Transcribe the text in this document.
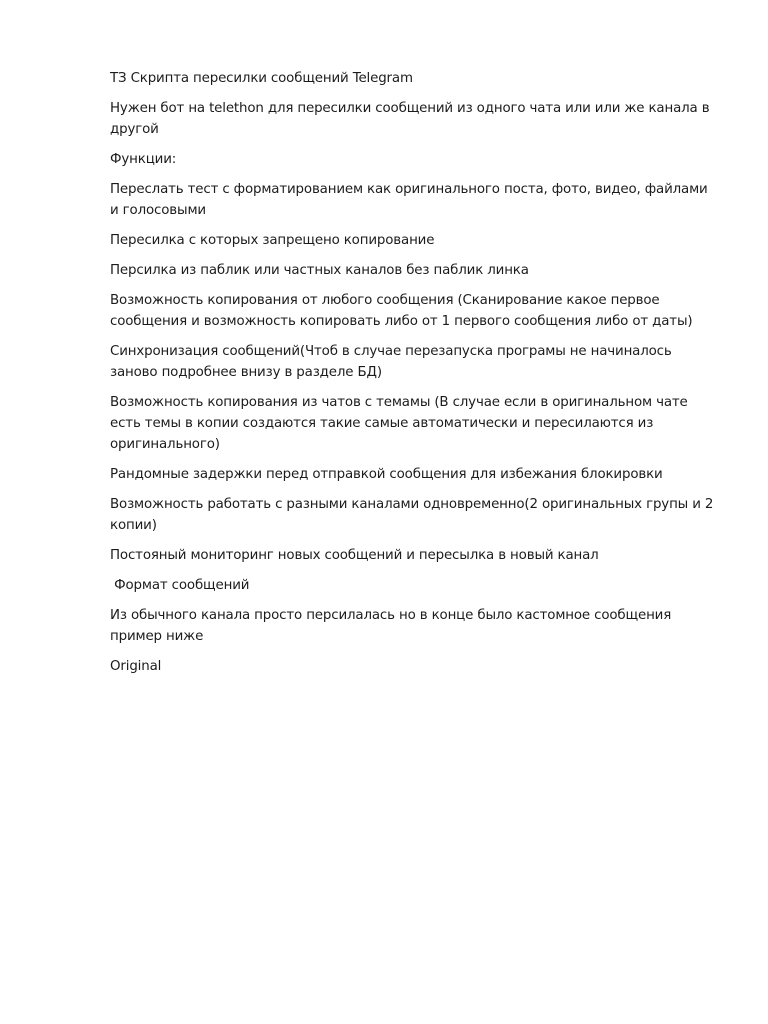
ТЗ Скрипта пересилки сообщений Telegram

Нужен бот на telethon для пересилки сообщений из одного чата или или же канала в другой

Функции:

Переслать тест с форматированием как оригинального поста, фото, видео, файлами и голосовыми

Пересилка с которых запрещено копирование

Персилка из паблик или частных каналов без паблик линка

Возможность копирования от любого сообщения (Сканирование какое первое сообщения и возможность копировать либо от 1 первого сообщения либо от даты)

Синхронизация сообщений(Чтоб в случае перезапуска програмы не начиналось заново подробнее внизу в разделе БД)

Возможность копирования из чатов с темамы (В случае если в оригинальном чате есть темы в копии создаются такие самые автоматически и пересилаются из оригинального)

Рандомные задержки перед отправкой сообщения для избежания блокировки

Возможность работать с разными каналами одновременно(2 оригинальных групы и 2 копии)

Постояный мониторинг новых сообщений и пересылка в новый канал

Формат сообщений

Из обычного канала просто персилалась но в конце было кастомное сообщения пример ниже

Original
